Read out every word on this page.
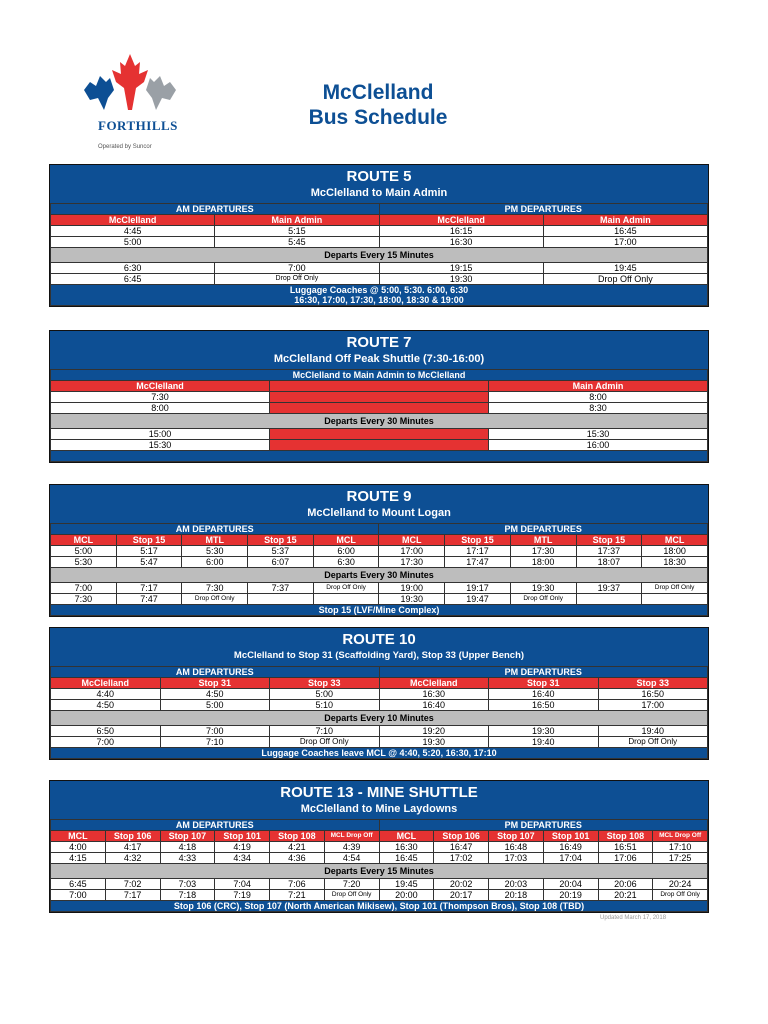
FORTHILLS
Operated by Suncor
McClelland
Bus Schedule
ROUTE 5
McClelland to Main Admin
AM DEPARTURES		PM DEPARTURES	
McClelland	Main Admin	McClelland	Main Admin
4:45	5:15	16:15	16:45
5:00	5:45	16:30	17:00
Departs Every 15 Minutes			
6:30	7:00	19:15	19:45
6:45	Drop Off Only	19:30	Drop Off Only

Luggage Coaches @ 5:00, 5:30. 6:00, 6:30
16:30, 17:00, 17:30, 18:00, 18:30 & 19:00			
ROUTE 7
McClelland Off Peak Shuttle (7:30-16:00)
McClelland to Main Admin to McClelland		
McClelland		Main Admin
7:30		8:00
8:00		8:30
Departs Every 30 Minutes		
15:00		15:30
15:30		16:00

ROUTE 9
McClelland to Mount Logan
AM DEPARTURES					PM DEPARTURES				
MCL	Stop 15	MTL	Stop 15	MCL	MCL	Stop 15	MTL	Stop 15	MCL
5:00	5:17	5:30	5:37	6:00	17:00	17:17	17:30	17:37	18:00
5:30	5:47	6:00	6:07	6:30	17:30	17:47	18:00	18:07	18:30
Departs Every 30 Minutes									
7:00	7:17	7:30	7:37	Drop Off Only	19:00	19:17	19:30	19:37	Drop Off Only
7:30	7:47	Drop Off Only			19:30	19:47	Drop Off Only		
Stop 15 (LVF/Mine Complex)									
ROUTE 10
McClelland to Stop 31 (Scaffolding Yard), Stop 33 (Upper Bench)
AM DEPARTURES			PM DEPARTURES		
McClelland	Stop 31	Stop 33	McClelland	Stop 31	Stop 33
4:40	4:50	5:00	16:30	16:40	16:50
4:50	5:00	5:10	16:40	16:50	17:00
Departs Every 10 Minutes					
6:50	7:00	7:10	19:20	19:30	19:40
7:00	7:10	Drop Off Only	19:30	19:40	Drop Off Only
Luggage Coaches leave MCL @ 4:40, 5:20, 16:30, 17:10					
ROUTE 13 - MINE SHUTTLE
McClelland to Mine Laydowns
AM DEPARTURES						PM DEPARTURES					
MCL	Stop 106	Stop 107	Stop 101	Stop 108	MCL Drop Off	MCL	Stop 106	Stop 107	Stop 101	Stop 108	MCL Drop Off
4:00	4:17	4:18	4:19	4:21	4:39	16:30	16:47	16:48	16:49	16:51	17:10
4:15	4:32	4:33	4:34	4:36	4:54	16:45	17:02	17:03	17:04	17:06	17:25
Departs Every 15 Minutes											
6:45	7:02	7:03	7:04	7:06	7:20	19:45	20:02	20:03	20:04	20:06	20:24
7:00	7:17	7:18	7:19	7:21	Drop Off Only	20:00	20:17	20:18	20:19	20:21	Drop Off Only
Stop 106 (CRC), Stop 107 (North American Mikisew), Stop 101 (Thompson Bros), Stop 108 (TBD)											
Updated March 17, 2018
